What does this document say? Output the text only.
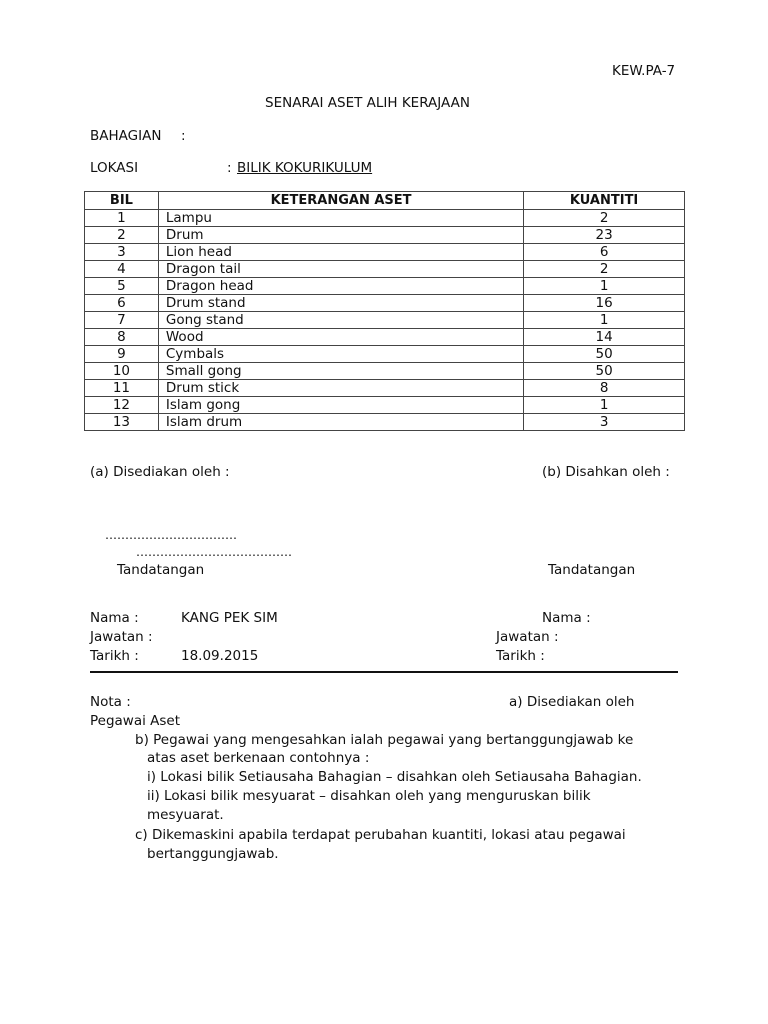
KEW.PA-7
SENARAI ASET ALIH KERAJAAN
BAHAGIAN :
LOKASI	: BILIK KOKURIKULUM
BIL	KETERANGAN ASET	KUANTITI
1	Lampu	2
2	Drum	23
3	Lion head	6
4	Dragon tail	2
5	Dragon head	1
6	Drum stand	16
7	Gong stand	1
8	Wood	14
9	Cymbals	50
10	Small gong	50
11	Drum stick	8
12	Islam gong	1
13	Islam drum	3
(a) Disediakan oleh :	(b) Disahkan oleh :
……………………………
…………………………………
Tandatangan	Tandatangan
Nama :	KANG PEK SIM	Nama :
Jawatan :	Jawatan :
Tarikh :	18.09.2015	Tarikh :
Nota :	a) Disediakan oleh
Pegawai Aset
b) Pegawai yang mengesahkan ialah pegawai yang bertanggungjawab ke
atas aset berkenaan contohnya :
i) Lokasi bilik Setiausaha Bahagian – disahkan oleh Setiausaha Bahagian.
ii) Lokasi bilik mesyuarat – disahkan oleh yang menguruskan bilik
mesyuarat.
c) Dikemaskini apabila terdapat perubahan kuantiti, lokasi atau pegawai
bertanggungjawab.
